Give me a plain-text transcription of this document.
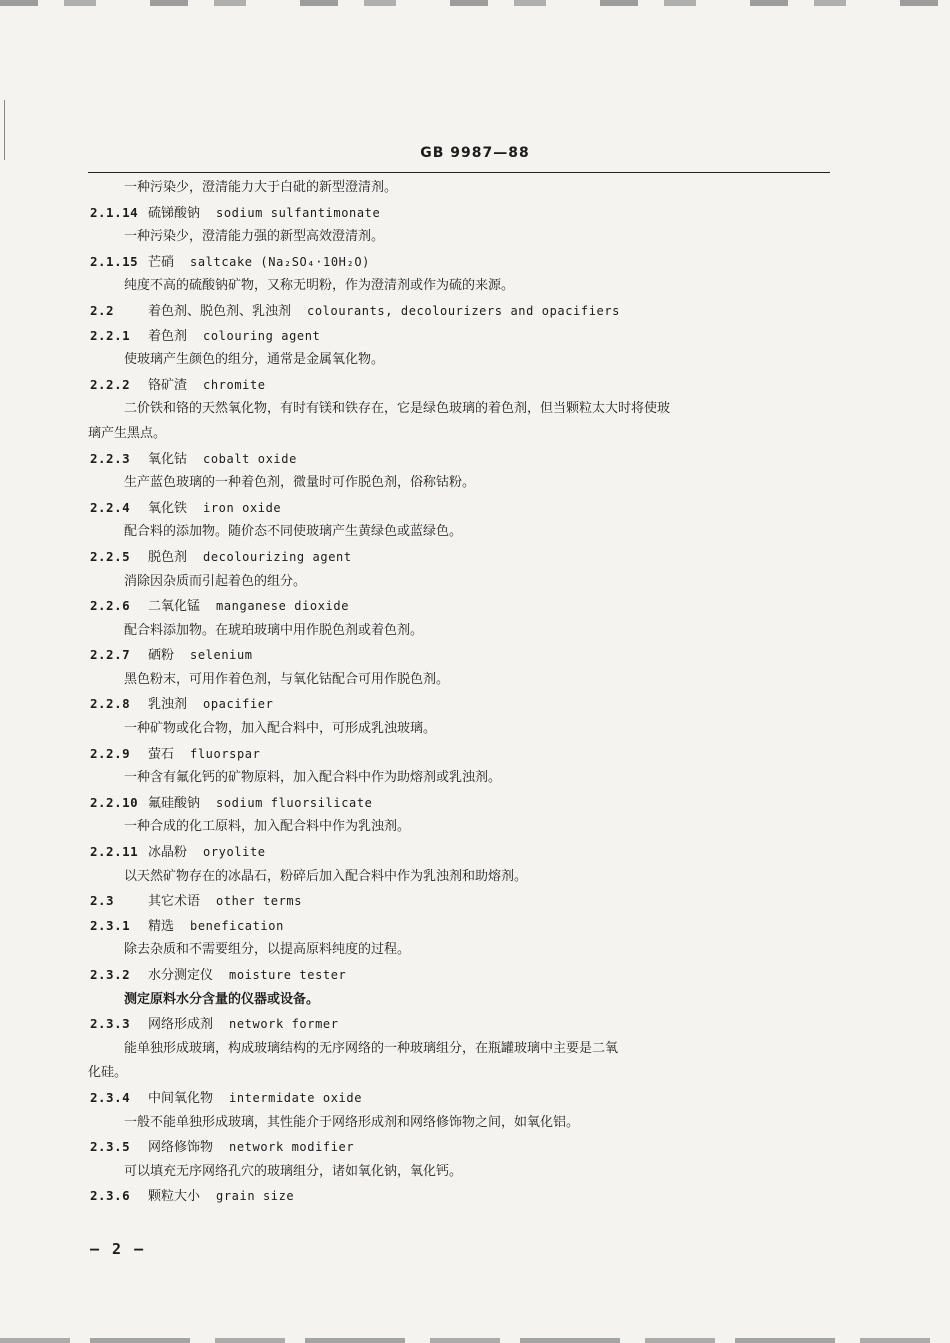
GB 9987—88
一种污染少，澄清能力大于白砒的新型澄清剂。
2.1.14 硫锑酸钠 sodium sulfantimonate
一种污染少，澄清能力强的新型高效澄清剂。
2.1.15 芒硝 saltcake (Na₂SO₄·10H₂O)
纯度不高的硫酸钠矿物，又称无明粉，作为澄清剂或作为硫的来源。
2.2	着色剂、脱色剂、乳浊剂 colourants, decolourizers and opacifiers
2.2.1 着色剂 colouring agent
使玻璃产生颜色的组分，通常是金属氧化物。
2.2.2 铬矿渣 chromite
二价铁和铬的天然氧化物，有时有镁和铁存在，它是绿色玻璃的着色剂，但当颗粒太大时将使玻
璃产生黑点。
2.2.3 氧化钴 cobalt oxide
生产蓝色玻璃的一种着色剂，微量时可作脱色剂，俗称钴粉。
2.2.4 氧化铁 iron oxide
配合料的添加物。随价态不同使玻璃产生黄绿色或蓝绿色。
2.2.5 脱色剂 decolourizing agent
消除因杂质而引起着色的组分。
2.2.6 二氧化锰 manganese dioxide
配合料添加物。在琥珀玻璃中用作脱色剂或着色剂。
2.2.7 硒粉 selenium
黑色粉末，可用作着色剂，与氧化钴配合可用作脱色剂。
2.2.8 乳浊剂 opacifier
一种矿物或化合物，加入配合料中，可形成乳浊玻璃。
2.2.9 萤石 fluorspar
一种含有氟化钙的矿物原料，加入配合料中作为助熔剂或乳浊剂。
2.2.10 氟硅酸钠 sodium fluorsilicate
一种合成的化工原料，加入配合料中作为乳浊剂。
2.2.11 冰晶粉 oryolite
以天然矿物存在的冰晶石，粉碎后加入配合料中作为乳浊剂和助熔剂。
2.3	其它术语 other terms
2.3.1 精选 benefication
除去杂质和不需要组分，以提高原料纯度的过程。
2.3.2 水分测定仪 moisture tester
测定原料水分含量的仪器或设备。
2.3.3 网络形成剂 network former
能单独形成玻璃，构成玻璃结构的无序网络的一种玻璃组分，在瓶罐玻璃中主要是二氧
化硅。
2.3.4 中间氧化物 intermidate oxide
一般不能单独形成玻璃，其性能介于网络形成剂和网络修饰物之间，如氧化铝。
2.3.5 网络修饰物 network modifier
可以填充无序网络孔穴的玻璃组分，诸如氧化钠，氧化钙。
2.3.6 颗粒大小 grain size
— 2 —
